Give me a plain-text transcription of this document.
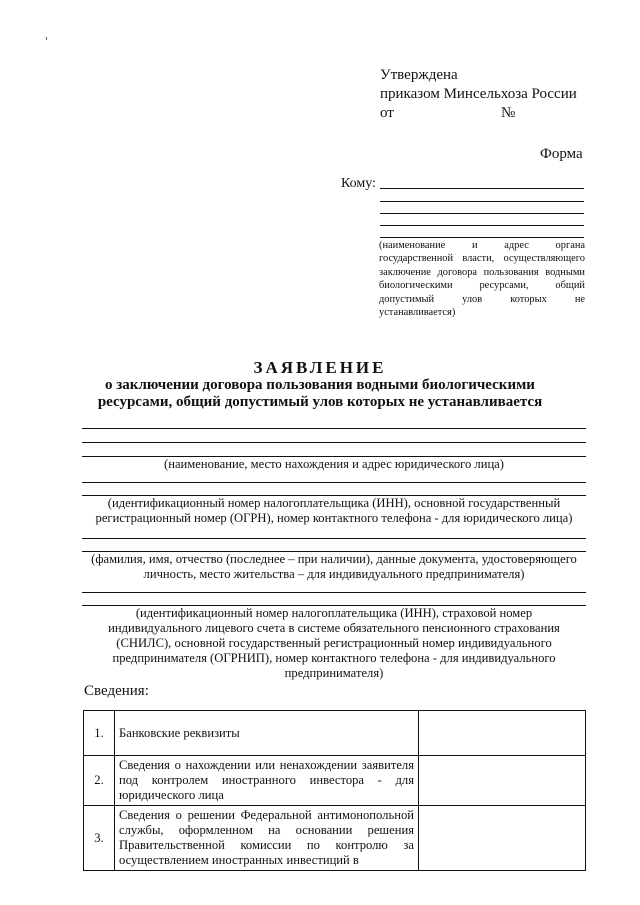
Утверждена
приказом Минсельхоза России
от	№
Форма
Кому:
(наименование и адрес органа
государственной власти, осуществляющего
заключение договора пользования водными
биологическими ресурсами, общий
допустимый улов которых не
устанавливается)
ЗАЯВЛЕНИЕ
о заключении договора пользования водными биологическими
ресурсами, общий допустимый улов которых не устанавливается
(наименование, место нахождения и адрес юридического лица)
(идентификационный номер налогоплательщика (ИНН), основной государственный
регистрационный номер (ОГРН), номер контактного телефона - для юридического лица)
(фамилия, имя, отчество (последнее – при наличии), данные документа, удостоверяющего
личность, место жительства – для индивидуального предпринимателя)
(идентификационный номер налогоплательщика (ИНН), страховой номер
индивидуального лицевого счета в системе обязательного пенсионного страхования
(СНИЛС), основной государственный регистрационный номер индивидуального
предпринимателя (ОГРНИП), номер контактного телефона - для индивидуального
предпринимателя)
Сведения:
1.	Банковские реквизиты	
2.	Сведения о нахождении или ненахождении заявителя под контролем иностранного инвестора - для юридического лица	
3.	Сведения о решении Федеральной антимонопольной службы, оформленном на основании решения Правительственной комиссии по контролю за осуществлением иностранных инвестиций в	
